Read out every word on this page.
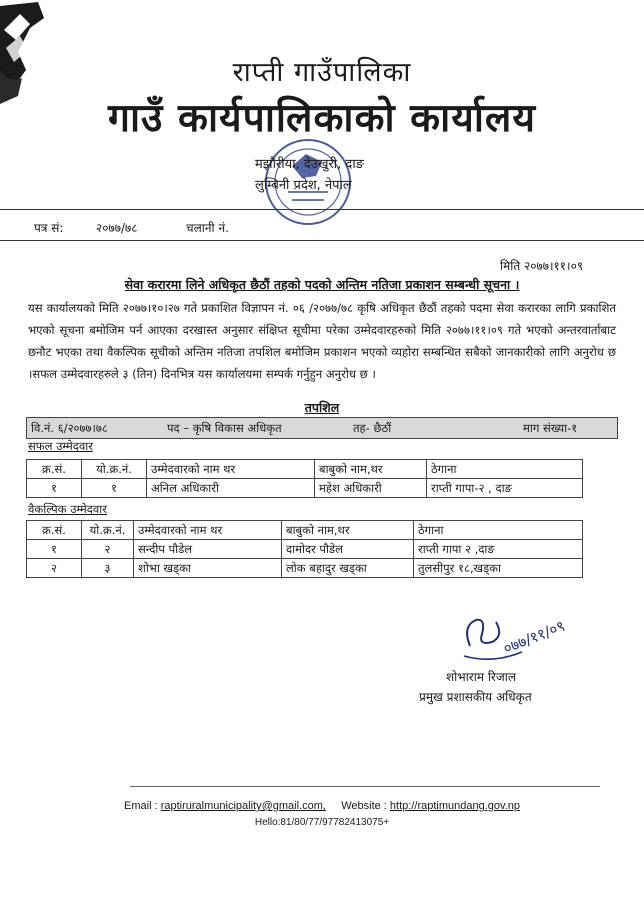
राप्ती गाउँपालिका
गाउँ कार्यपालिकाको कार्यालय
मझौरीया, देउखुरी, दाङ
लुम्बिनी प्रदेश, नेपाल
पत्र सं:	२०७७/७८	चलानी नं.
मिति २०७७।११।०९
सेवा करारमा लिने अधिकृत छैठौं तहको पदको अन्तिम नतिजा प्रकाशन सम्बन्धी सूचना ।
यस कार्यालयको मिति २०७७।१०।२७ गते प्रकाशित विज्ञापन नं. ०६ /२०७७/७८ कृषि अधिकृत छैठौं तहको पदमा सेवा करारका लागि प्रकाशित भएको सूचना बमोजिम पर्न आएका दरखास्त अनुसार संक्षिप्त सूचीमा परेका उम्मेदवारहरुको मिति २०७७।११।०९ गते भएको अन्तरवार्ताबाट छनौट भएका तथा वैकल्पिक सूचीको अन्तिम नतिजा तपशिल बमोजिम प्रकाशन भएको व्यहोरा सम्बन्धित सबैको जानकारीको लागि अनुरोध छ ।सफल उम्मेदवारहरुले ३ (तिन) दिनभित्र यस कार्यालयमा सम्पर्क गर्नुहुन अनुरोध छ ।
तपशिल
वि.नं. ६/२०७७।७८	पद – कृषि विकास अधिकृत	तह- छैठौं	माग संख्या-१
सफल उम्मेदवार
क्र.सं.	यो.क्र.नं.	उम्मेदवारको नाम थर	बाबुको नाम,थर	ठेगाना
१	१	अनिल अधिकारी	महेश अधिकारी	राप्ती गापा-२ , दाङ
वैकल्पिक उम्मेदवार
क्र.सं.	यो.क्र.नं.	उम्मेदवारको नाम थर	बाबुको नाम,थर	ठेगाना
१	२	सन्दीप पौडेल	दामोदर पौडेल	राप्ती गापा २ ,दाङ
२	३	शोभा खड्का	लोक बहादुर खड्का	तुलसीपुर १८,खड्का
०७७/११/०९
शोभाराम रिजाल
प्रमुख प्रशासकीय अधिकृत
Email : raptiruralmunicipality@gmail.com, Website : http://raptimundang.gov.np
Hello:81/80/77/97782413075+
